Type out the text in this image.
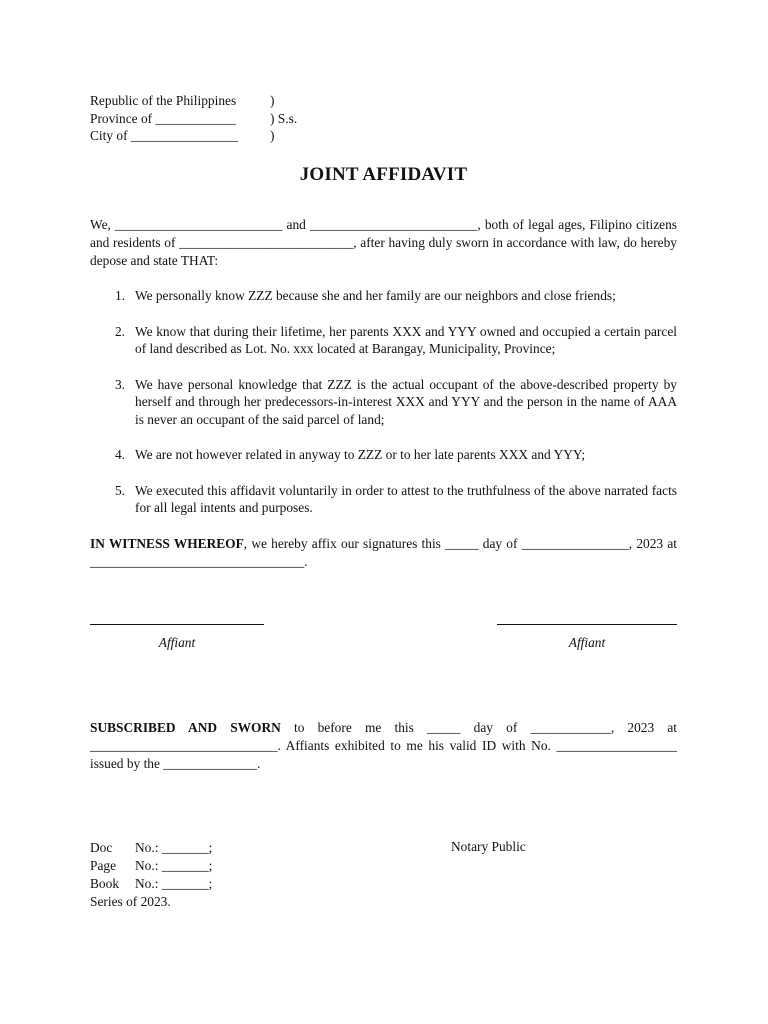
Republic of the Philippines	)
Province of ____________	) S.s.
City of ________________	)
JOINT AFFIDAVIT
We, _________________________ and _________________________, both of legal ages, Filipino citizens and residents of __________________________, after having duly sworn in accordance with law, do hereby depose and state THAT:
1. We personally know ZZZ because she and her family are our neighbors and close friends;
2. We know that during their lifetime, her parents XXX and YYY owned and occupied a certain parcel of land described as Lot. No. xxx located at Barangay, Municipality, Province;
3. We have personal knowledge that ZZZ is the actual occupant of the above-described property by herself and through her predecessors-in-interest XXX and YYY and the person in the name of AAA is never an occupant of the said parcel of land;
4. We are not however related in anyway to ZZZ or to her late parents XXX and YYY;
5. We executed this affidavit voluntarily in order to attest to the truthfulness of the above narrated facts for all legal intents and purposes.
IN WITNESS WHEREOF, we hereby affix our signatures this _____ day of ________________, 2023 at ________________________________.
Affiant	Affiant
SUBSCRIBED AND SWORN to before me this _____ day of ____________, 2023 at ____________________________. Affiants exhibited to me his valid ID with No. __________________ issued by the ______________.
Doc	No.: _______;
Page	No.: _______;
Book	No.: _______;
Series of 2023.
Notary Public
